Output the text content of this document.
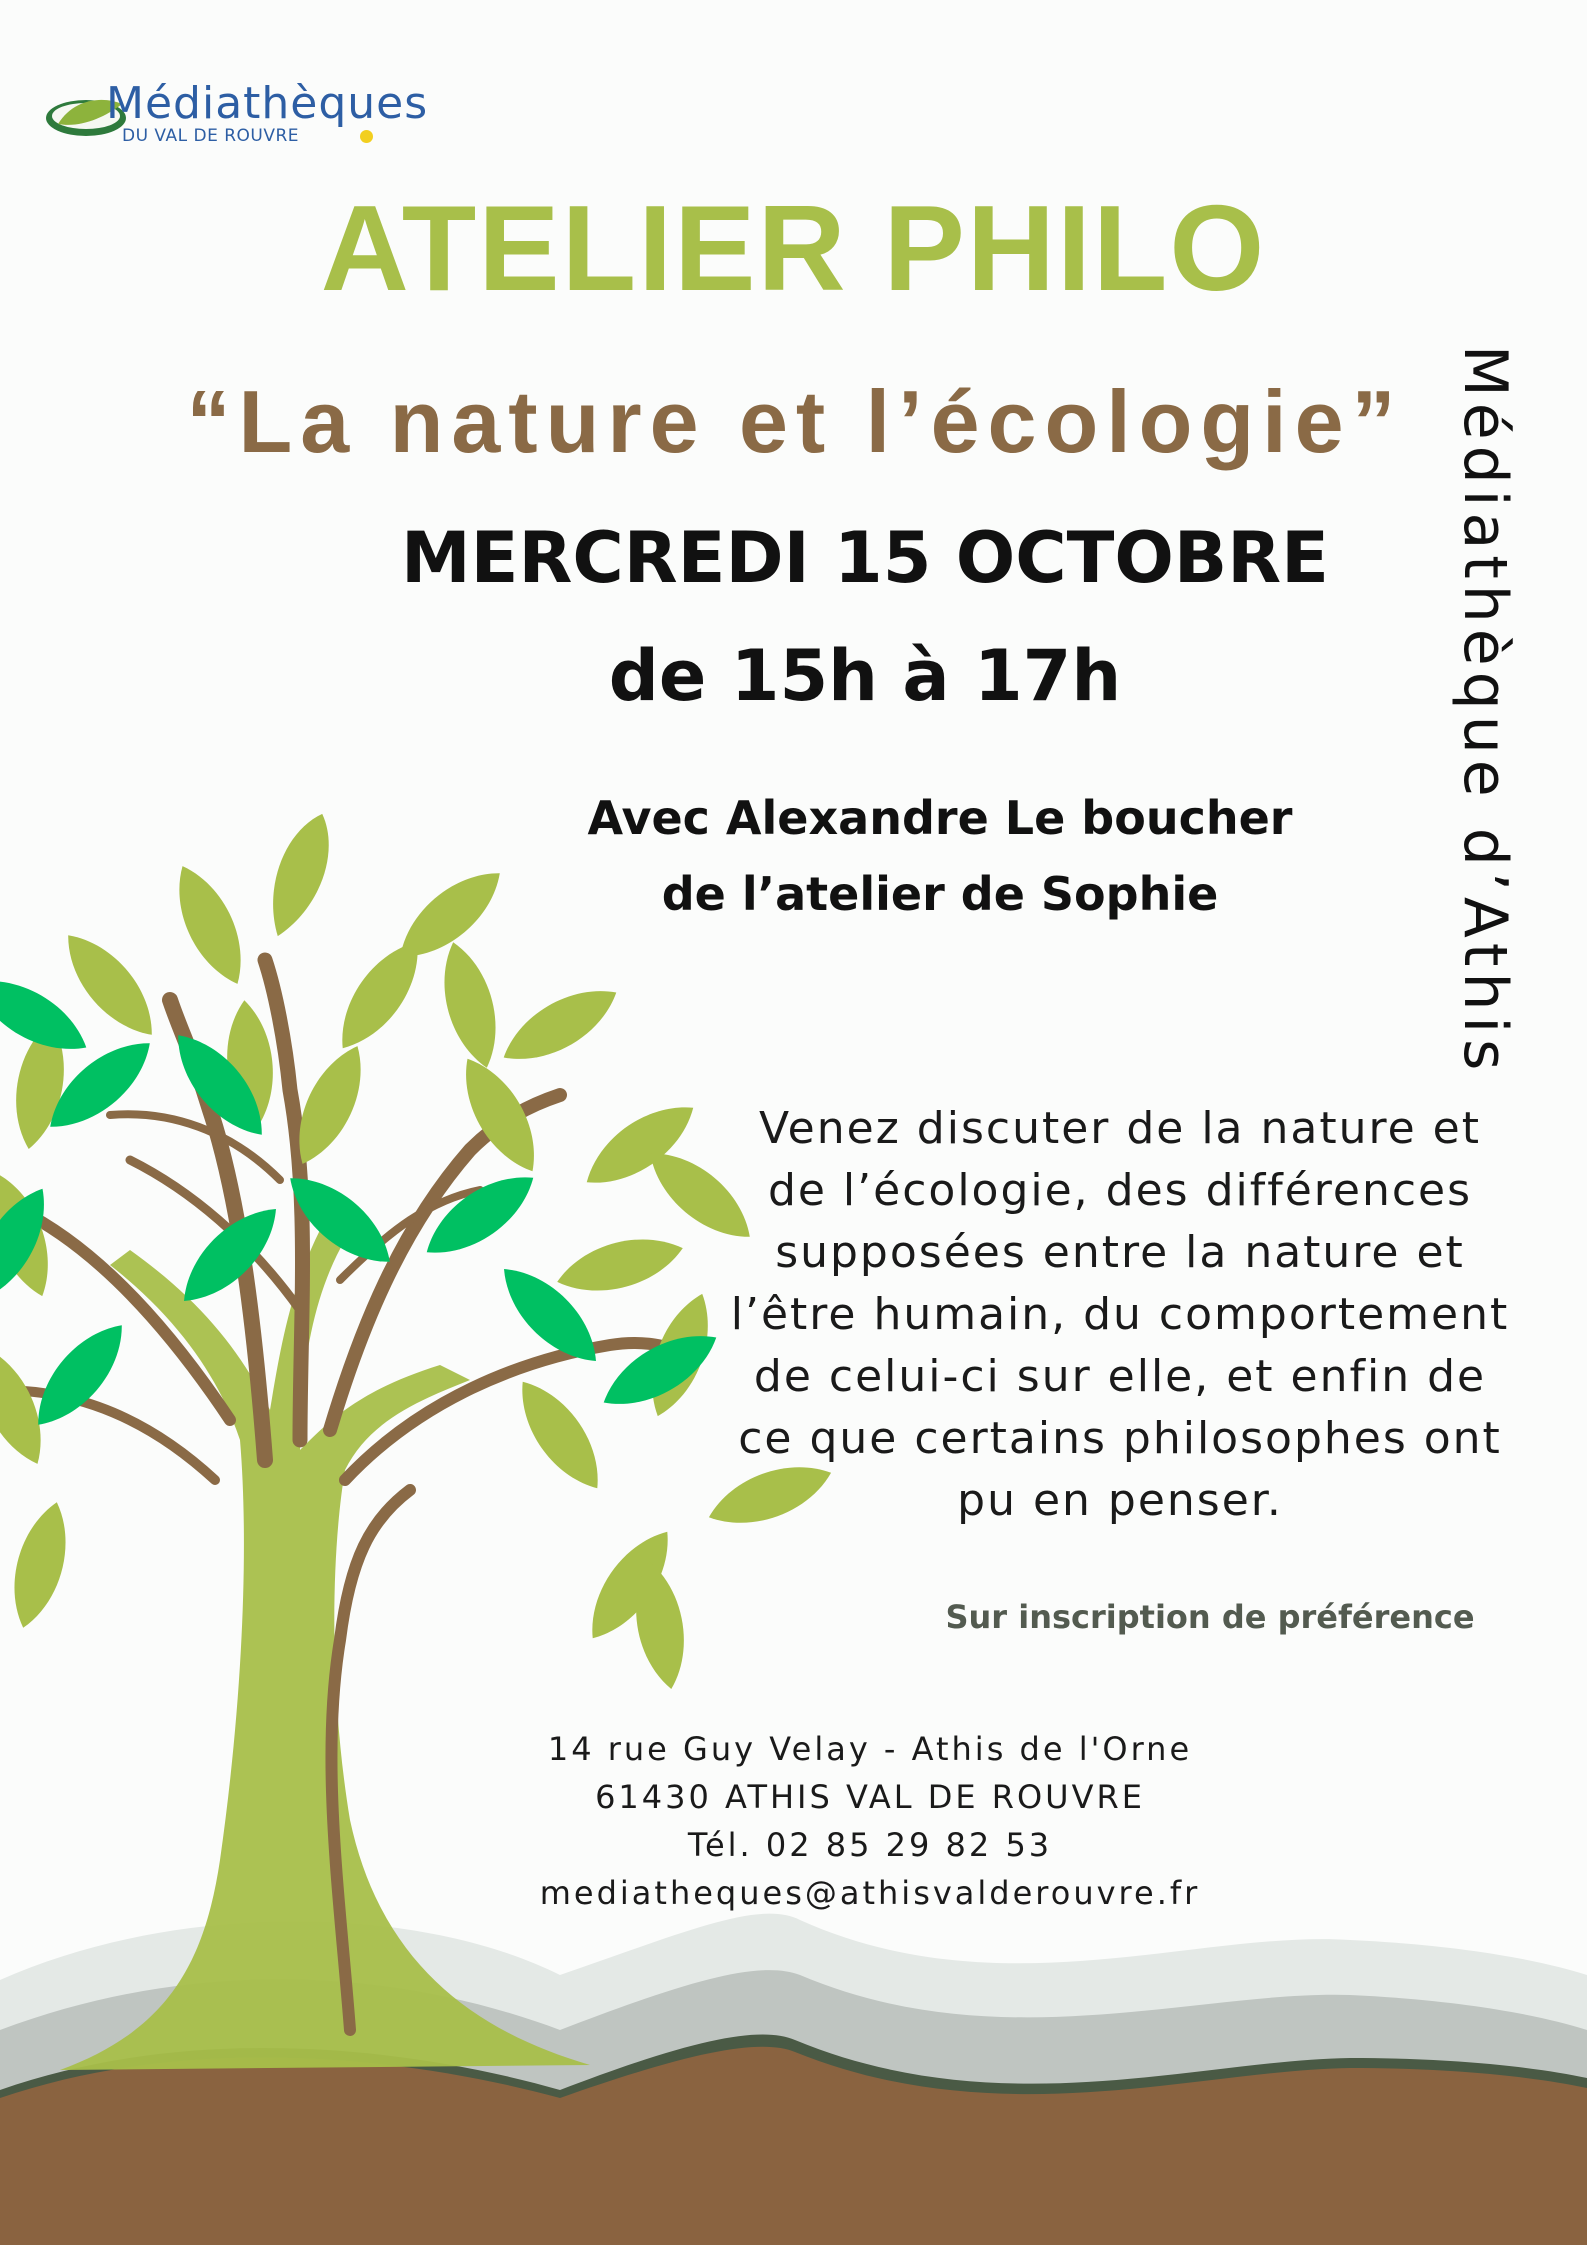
Médiathèques
DU VAL DE ROUVRE
ATELIER PHILO
“La nature et l’écologie”
MERCREDI 15 OCTOBRE
de 15h à 17h
Avec Alexandre Le boucher
de l’atelier de Sophie	Médiathèque d’Athis
Venez discuter de la nature et
de l’écologie, des différences
supposées entre la nature et
l’être humain, du comportement
de celui-ci sur elle, et enfin de
ce que certains philosophes ont
pu en penser.
Sur inscription de préférence
14 rue Guy Velay - Athis de l'Orne
61430 ATHIS VAL DE ROUVRE
Tél. 02 85 29 82 53
mediatheques@athisvalderouvre.fr
